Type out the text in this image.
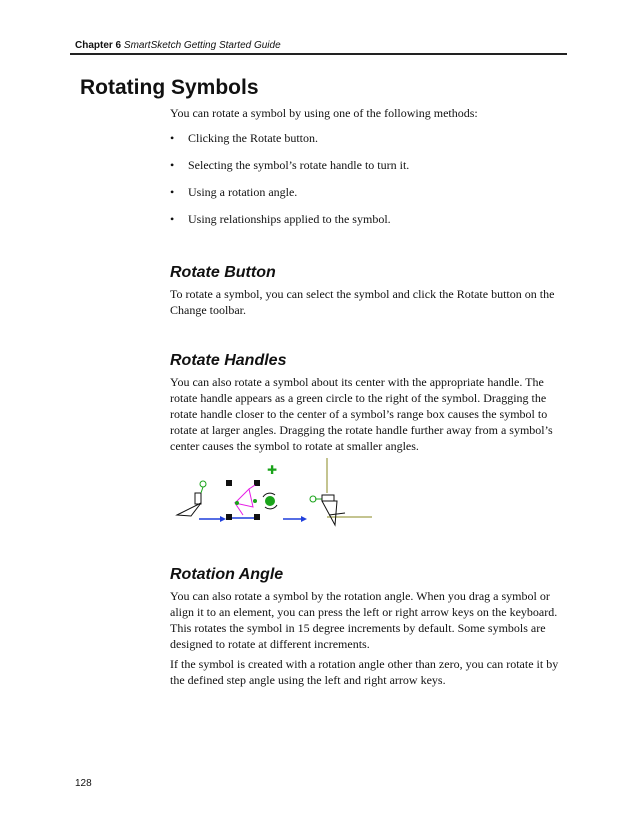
Chapter 6 SmartSketch Getting Started Guide
Rotating Symbols

You can rotate a symbol by using one of the following methods:

• Clicking the Rotate button.
• Selecting the symbol’s rotate handle to turn it.
• Using a rotation angle.
• Using relationships applied to the symbol.
Rotate Button

To rotate a symbol, you can select the symbol and click the Rotate button on the Change toolbar.

Rotate Handles

You can also rotate a symbol about its center with the appropriate handle. The rotate handle appears as a green circle to the right of the symbol. Dragging the rotate handle closer to the center of a symbol’s range box causes the symbol to rotate at larger angles. Dragging the rotate handle further away from a symbol’s center causes the symbol to rotate at smaller angles.

✚
Rotation Angle

You can also rotate a symbol by the rotation angle. When you drag a symbol or align it to an element, you can press the left or right arrow keys on the keyboard. This rotates the symbol in 15 degree increments by default. Some symbols are designed to rotate at different increments.

If the symbol is created with a rotation angle other than zero, you can rotate it by the defined step angle using the left and right arrow keys.

128
